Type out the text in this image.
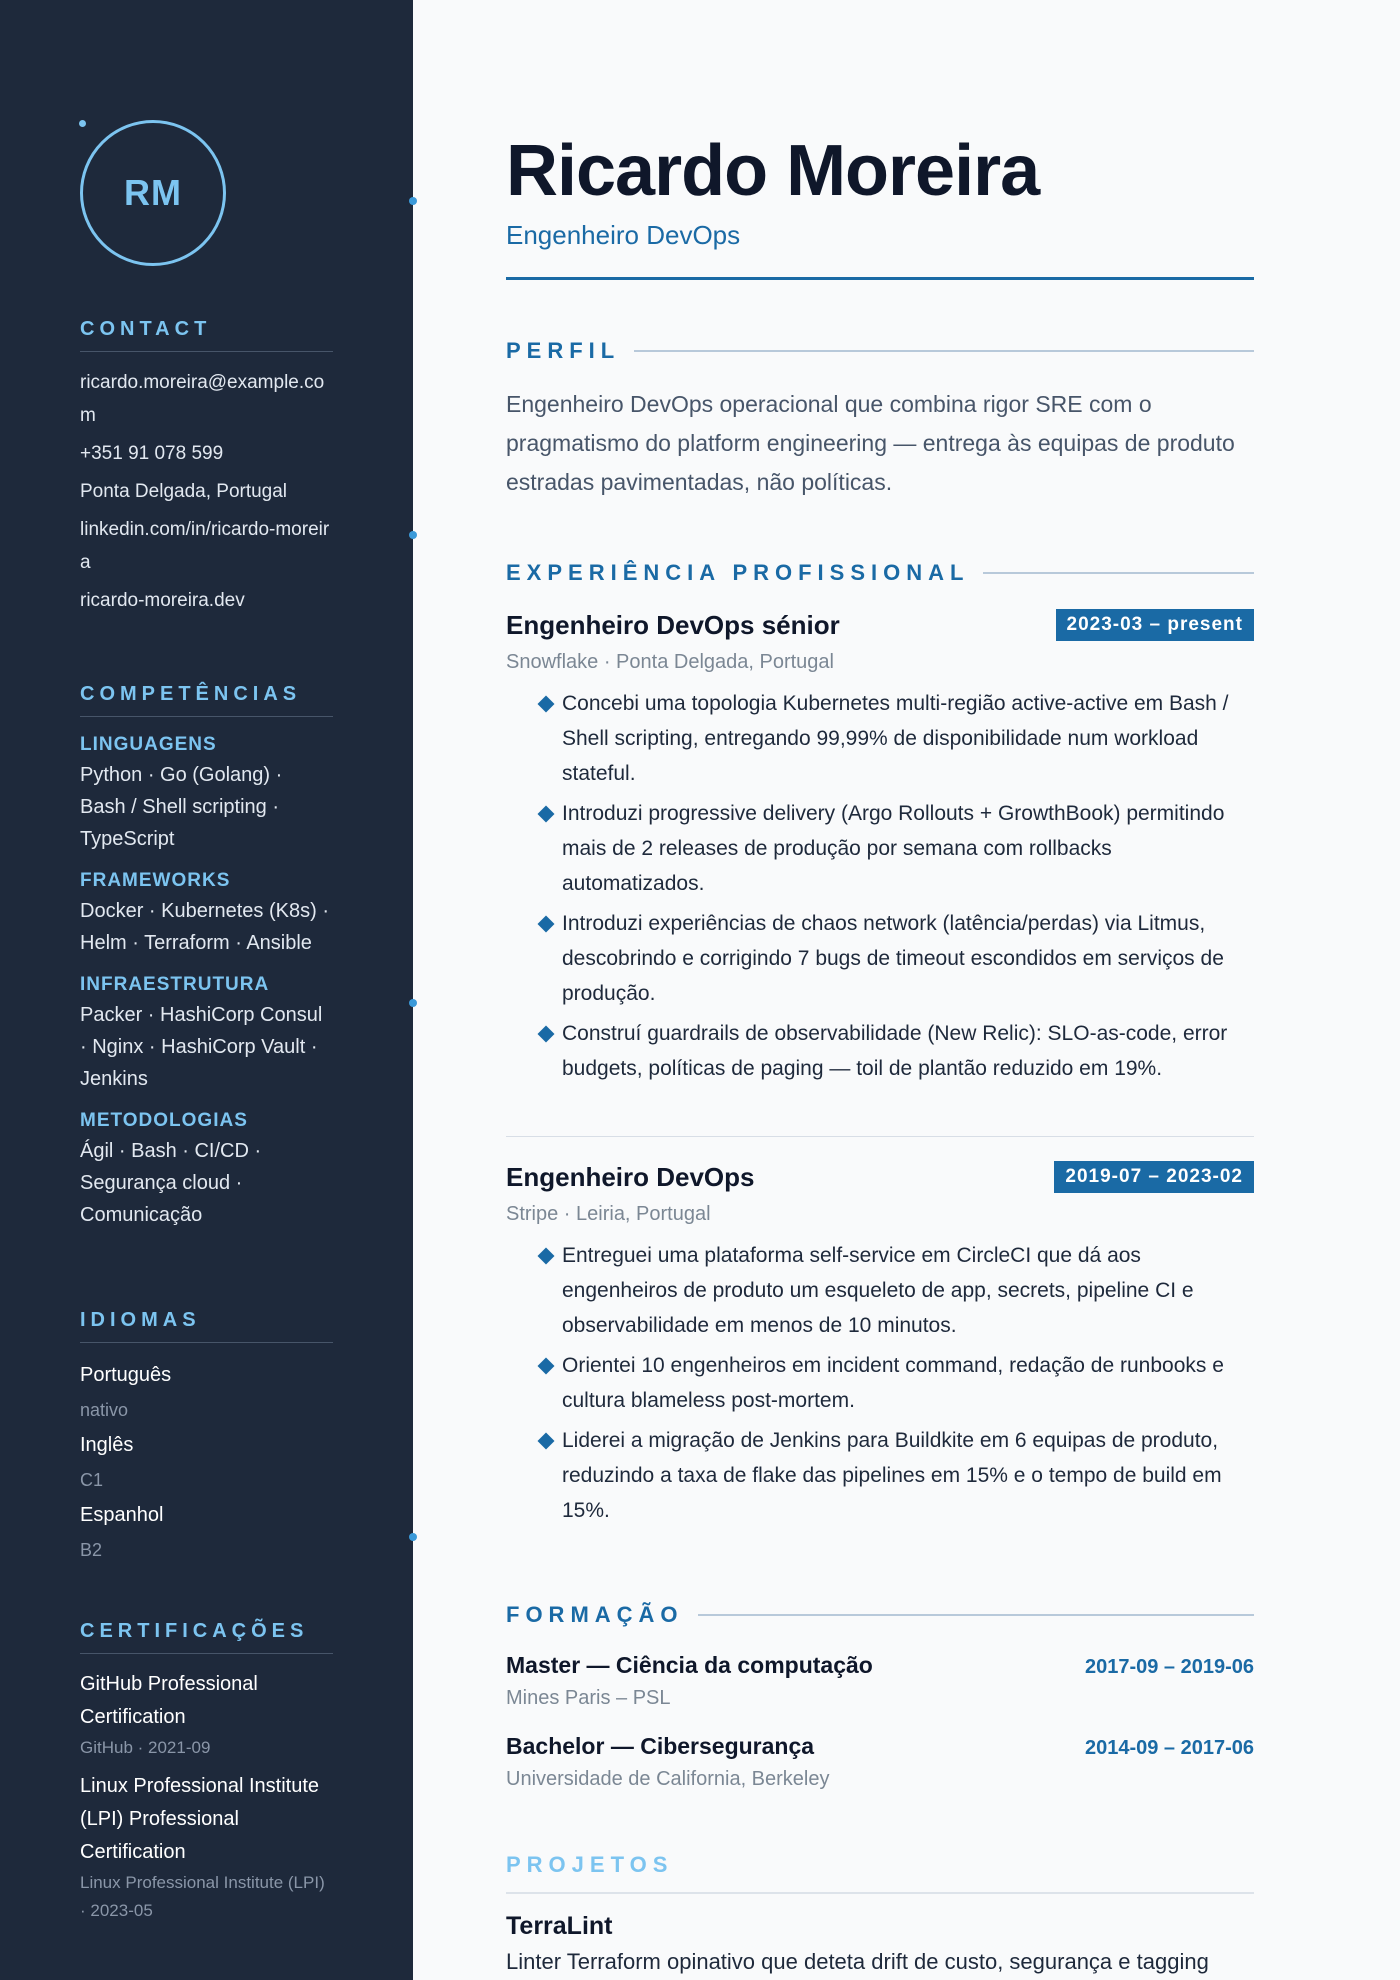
RM
CONTACT
ricardo.moreira@example.com
+351 91 078 599
Ponta Delgada, Portugal
linkedin.com/in/ricardo-moreira
ricardo-moreira.dev
COMPETÊNCIAS
LINGUAGENS
Python · Go (Golang) · Bash / Shell scripting · TypeScript
FRAMEWORKS
Docker · Kubernetes (K8s) · Helm · Terraform · Ansible
INFRAESTRUTURA
Packer · HashiCorp Consul · Nginx · HashiCorp Vault · Jenkins
METODOLOGIAS
Ágil · Bash · CI/CD · Segurança cloud · Comunicação
IDIOMAS
Português
nativo
Inglês
C1
Espanhol
B2
CERTIFICAÇÕES
GitHub Professional Certification
GitHub · 2021-09
Linux Professional Institute (LPI) Professional Certification
Linux Professional Institute (LPI) · 2023-05
Ricardo Moreira
Engenheiro DevOps
PERFIL

Engenheiro DevOps operacional que combina rigor SRE com o pragmatismo do platform engineering — entrega às equipas de produto estradas pavimentadas, não políticas.

EXPERIÊNCIA PROFISSIONAL
Engenheiro DevOps sénior	2023-03 – present
Snowflake · Ponta Delgada, Portugal
Concebi uma topologia Kubernetes multi-região active-active em Bash / Shell scripting, entregando 99,99% de disponibilidade num workload stateful.
Introduzi progressive delivery (Argo Rollouts + GrowthBook) permitindo mais de 2 releases de produção por semana com rollbacks automatizados.
Introduzi experiências de chaos network (latência/perdas) via Litmus, descobrindo e corrigindo 7 bugs de timeout escondidos em serviços de produção.
Construí guardrails de observabilidade (New Relic): SLO-as-code, error budgets, políticas de paging — toil de plantão reduzido em 19%.
Engenheiro DevOps	2019-07 – 2023-02
Stripe · Leiria, Portugal
Entreguei uma plataforma self-service em CircleCI que dá aos engenheiros de produto um esqueleto de app, secrets, pipeline CI e observabilidade em menos de 10 minutos.
Orientei 10 engenheiros em incident command, redação de runbooks e cultura blameless post-mortem.
Liderei a migração de Jenkins para Buildkite em 6 equipas de produto, reduzindo a taxa de flake das pipelines em 15% e o tempo de build em 15%.
FORMAÇÃO
Master — Ciência da computação	2017-09 – 2019-06
Mines Paris – PSL
Bachelor — Cibersegurança	2014-09 – 2017-06
Universidade de California, Berkeley
PROJETOS
TerraLint
Linter Terraform opinativo que deteta drift de custo, segurança e tagging
